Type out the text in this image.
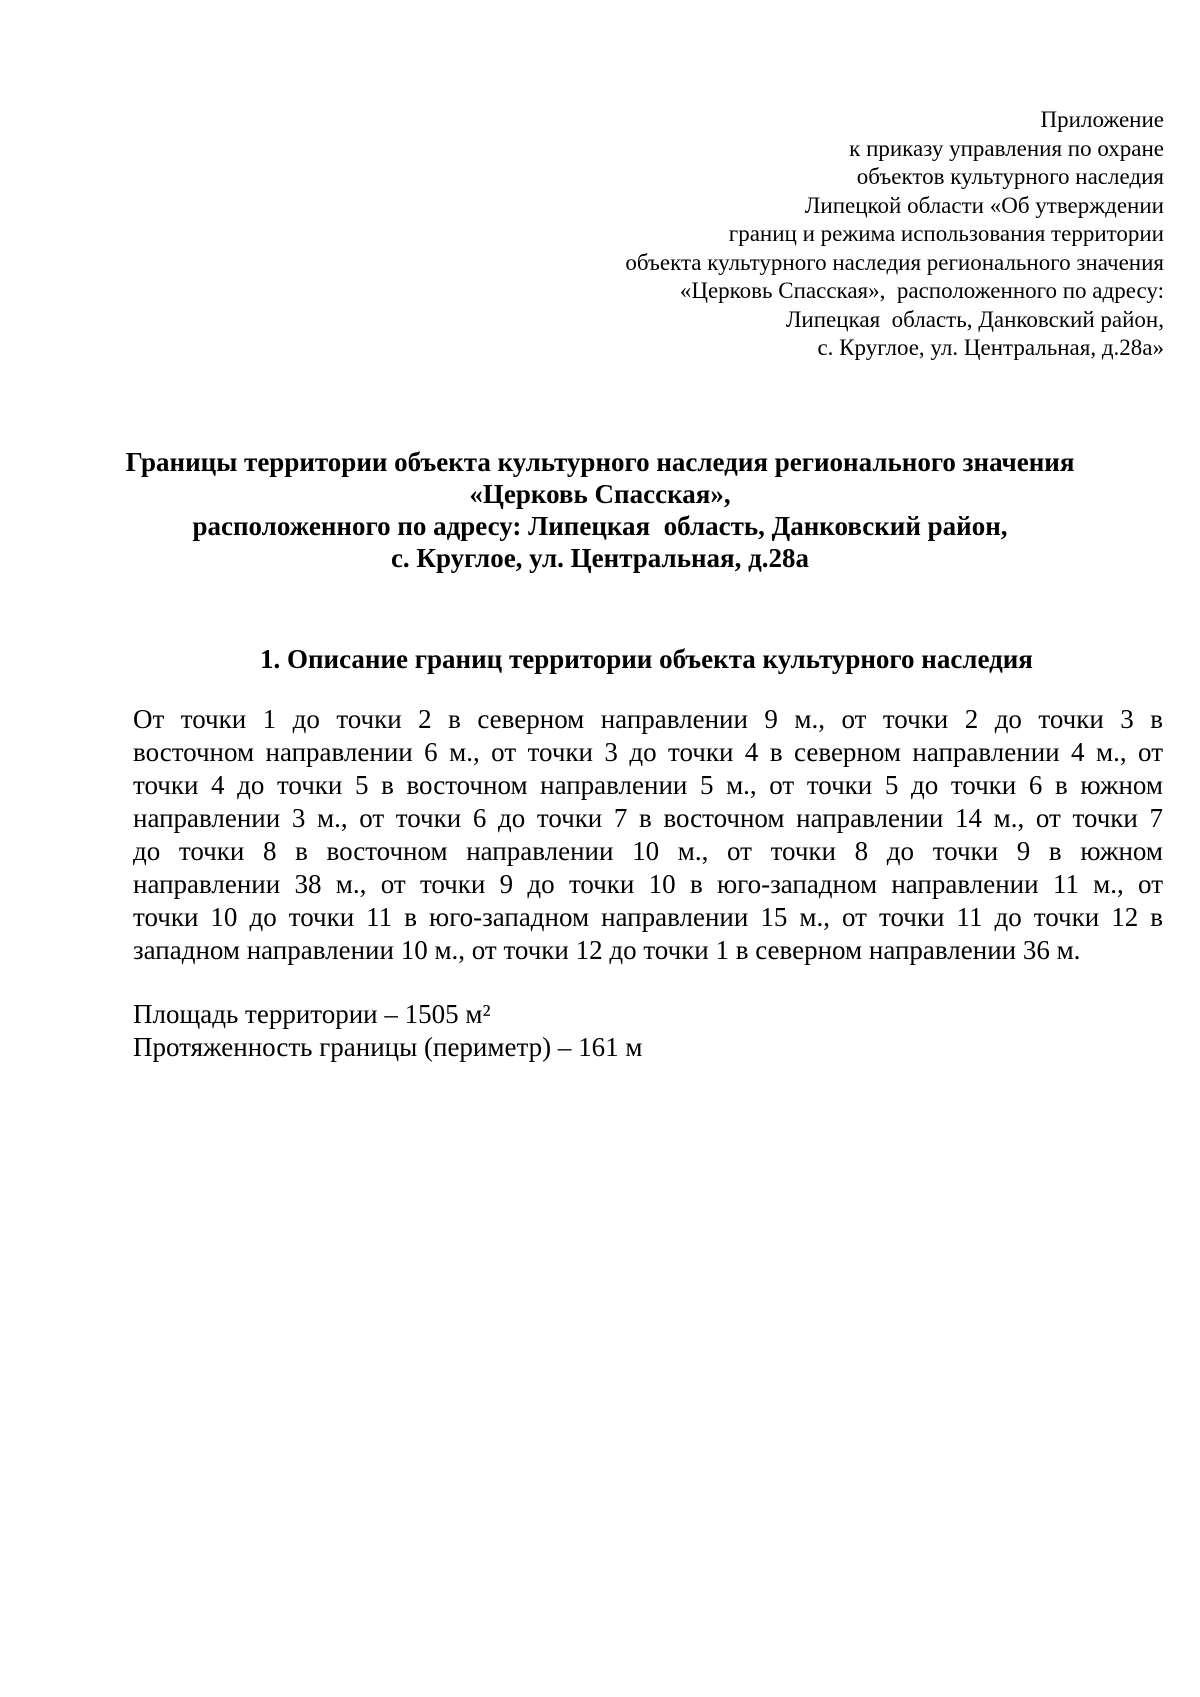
Приложение
к приказу управления по охране
объектов культурного наследия
Липецкой области «Об утверждении
границ и режима использования территории
объекта культурного наследия регионального значения
«Церковь Спасская»,  расположенного по адресу:
Липецкая  область, Данковский район,
с. Круглое, ул. Центральная, д.28а»
Границы территории объекта культурного наследия регионального значения
«Церковь Спасская»,
расположенного по адресу: Липецкая  область, Данковский район,
с. Круглое, ул. Центральная, д.28а
1. Описание границ территории объекта культурного наследия
От точки 1 до точки 2 в северном направлении 9 м., от точки 2 до точки 3 в
восточном направлении 6 м., от точки 3 до точки 4 в северном направлении 4 м., от
точки 4 до точки 5 в восточном направлении 5 м., от точки 5 до точки 6 в южном
направлении 3 м., от точки 6 до точки 7 в восточном направлении 14 м., от точки 7
до точки 8 в восточном направлении 10 м., от точки 8 до точки 9 в южном
направлении 38 м., от точки 9 до точки 10 в юго-западном направлении 11 м., от
точки 10 до точки 11 в юго-западном направлении 15 м., от точки 11 до точки 12 в
западном направлении 10 м., от точки 12 до точки 1 в северном направлении 36 м.
Площадь территории – 1505 м²
Протяженность границы (периметр) – 161 м
